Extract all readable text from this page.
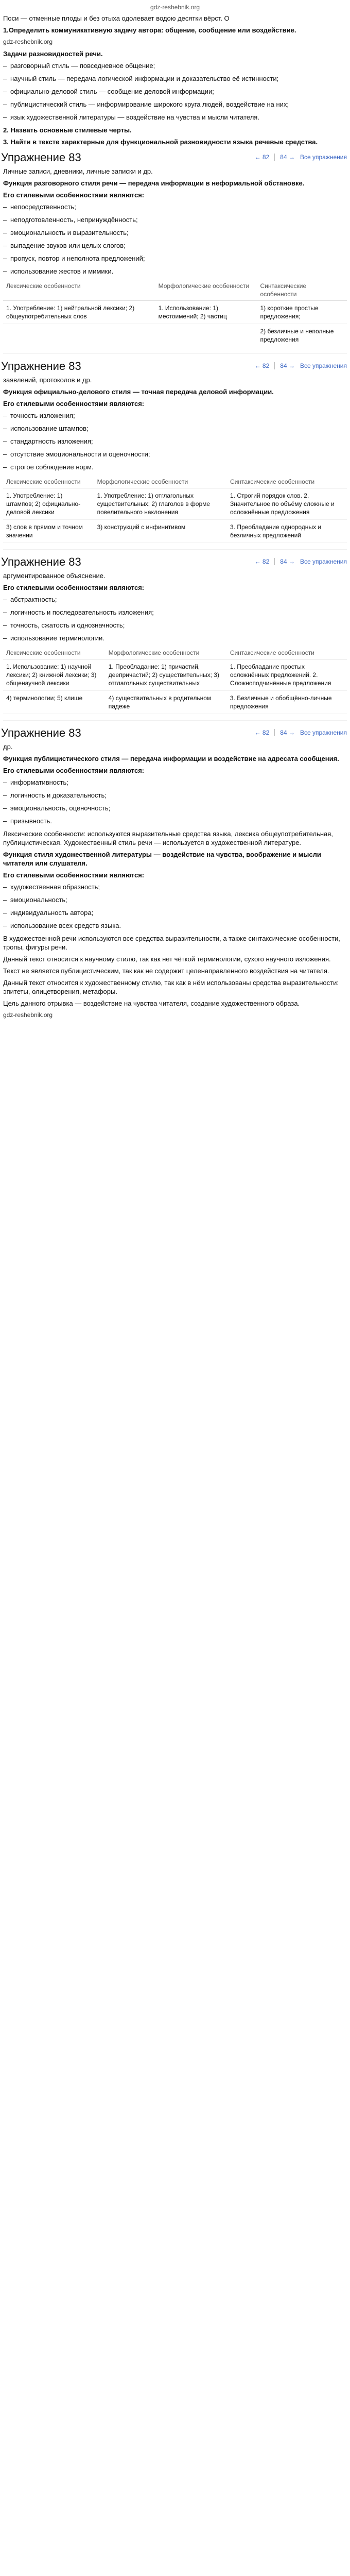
gdz-reshebnik.org

Поси — отменные плоды и без отыха одолевает водою десятки вёрст. О

1.Определить коммуникативную задачу автора: общение, сообщение или воздействие.

gdz-reshebnik.org

Задачи разновидностей речи.

– разговорный стиль — повседневное общение;
– научный стиль — передача логической информации и доказательство её истинности;
– официально-деловой стиль — сообщение деловой информации;
– публицистический стиль — информирование широкого круга людей, воздействие на них;
– язык художественной литературы — воздействие на чувства и мысли читателя.

2. Назвать основные стилевые черты.

3. Найти в тексте характерные для функциональной разновидности языка речевые средства.

Упражнение 83	← 82 84 → Все упражнения

Личные записи, дневники, личные записки и др.

Функция разговорного стиля речи — передача информации в неформальной обстановке.

Его стилевыми особенностями являются:

– непосредственность;
– неподготовленность, непринуждённость;
– эмоциональность и выразительность;
– выпадение звуков или целых слогов;
– пропуск, повтор и неполнота предложений;
– использование жестов и мимики.
Лексические особенности	Морфологические особенности	Синтаксические особенности
1. Употребление: 1) нейтральной лексики; 2) общеупотребительных слов	1. Использование: 1) местоимений; 2) частиц	1) короткие простые предложения;
		2) безличные и неполные предложения

Упражнение 83	← 82 84 → Все упражнения

заявлений, протоколов и др.

Функция официально-делового стиля — точная передача деловой информации.

Его стилевыми особенностями являются:

– точность изложения;
– использование штампов;
– стандартность изложения;
– отсутствие эмоциональности и оценочности;
– строгое соблюдение норм.
Лексические особенности	Морфологические особенности	Синтаксические особенности
1. Употребление: 1) штампов; 2) официально-деловой лексики	1. Употребление: 1) отглагольных существительных; 2) глаголов в форме повелительного наклонения	1. Строгий порядок слов. 2. Значительное по объёму сложные и осложнённые предложения
3) слов в прямом и точном значении	3) конструкций с инфинитивом	3. Преобладание однородных и безличных предложений

Упражнение 83	← 82 84 → Все упражнения

аргументированное объяснение.

Его стилевыми особенностями являются:

– абстрактность;
– логичность и последовательность изложения;
– точность, сжатость и однозначность;
– использование терминологии.
Лексические особенности	Морфологические особенности	Синтаксические особенности
1. Использование: 1) научной лексики; 2) книжной лексики; 3) общенаучной лексики	1. Преобладание: 1) причастий, деепричастий; 2) существительных; 3) отглагольных существительных	1. Преобладание простых осложнённых предложений. 2. Сложноподчинённые предложения
4) терминологии; 5) клише	4) существительных в родительном падеже	3. Безличные и обобщённо-личные предложения

Упражнение 83	← 82 84 → Все упражнения

др.

Функция публицистического стиля — передача информации и воздействие на адресата сообщения.

Его стилевыми особенностями являются:

– информативность;
– логичность и доказательность;
– эмоциональность, оценочность;
– призывность.

Лексические особенности: используются выразительные средства языка, лексика общеупотребительная, публицистическая. Художественный стиль речи — используется в художественной литературе.

Функция стиля художественной литературы — воздействие на чувства, воображение и мысли читателя или слушателя.

Его стилевыми особенностями являются:

– художественная образность;
– эмоциональность;
– индивидуальность автора;
– использование всех средств языка.

В художественной речи используются все средства выразительности, а также синтаксические особенности, тропы, фигуры речи.

Данный текст относится к научному стилю, так как нет чёткой терминологии, сухого научного изложения.

Текст не является публицистическим, так как не содержит целенаправленного воздействия на читателя.

Данный текст относится к художественному стилю, так как в нём использованы средства выразительности: эпитеты, олицетворения, метафоры.

Цель данного отрывка — воздействие на чувства читателя, создание художественного образа.

gdz-reshebnik.org
